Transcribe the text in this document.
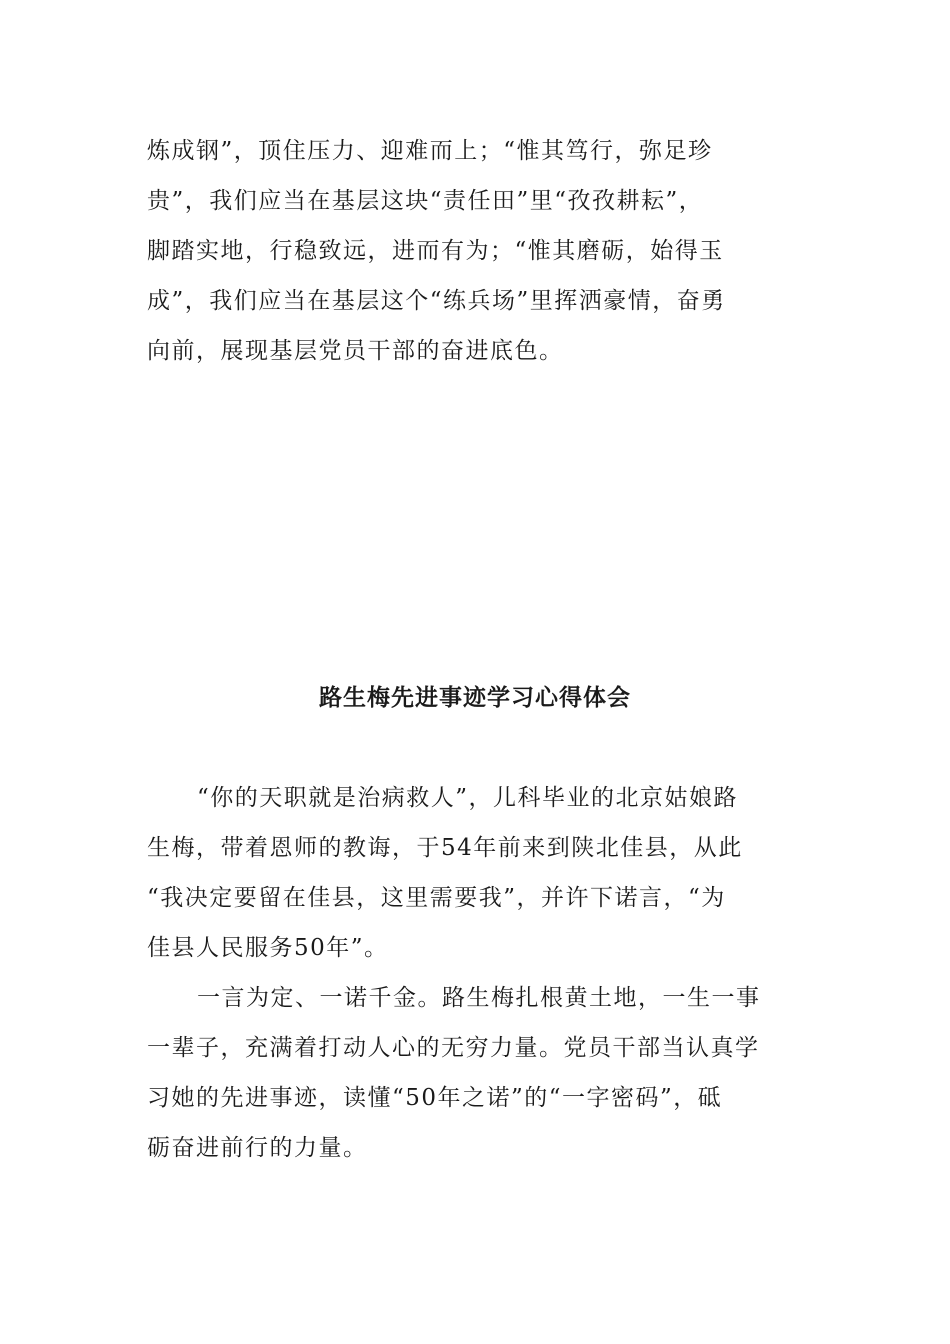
炼成钢”，顶住压力、迎难而上；“惟其笃行，弥足珍
贵”，我们应当在基层这块“责任田”里“孜孜耕耘”，
脚踏实地，行稳致远，进而有为；“惟其磨砺，始得玉
成”，我们应当在基层这个“练兵场”里挥洒豪情，奋勇
向前，展现基层党员干部的奋进底色。
路生梅先进事迹学习心得体会
“你的天职就是治病救人”，儿科毕业的北京姑娘路
生梅，带着恩师的教诲，于54年前来到陕北佳县，从此
“我决定要留在佳县，这里需要我”，并许下诺言，“为
佳县人民服务50年”。
一言为定、一诺千金。路生梅扎根黄土地，一生一事
一辈子，充满着打动人心的无穷力量。党员干部当认真学
习她的先进事迹，读懂“50年之诺”的“一字密码”，砥
砺奋进前行的力量。
